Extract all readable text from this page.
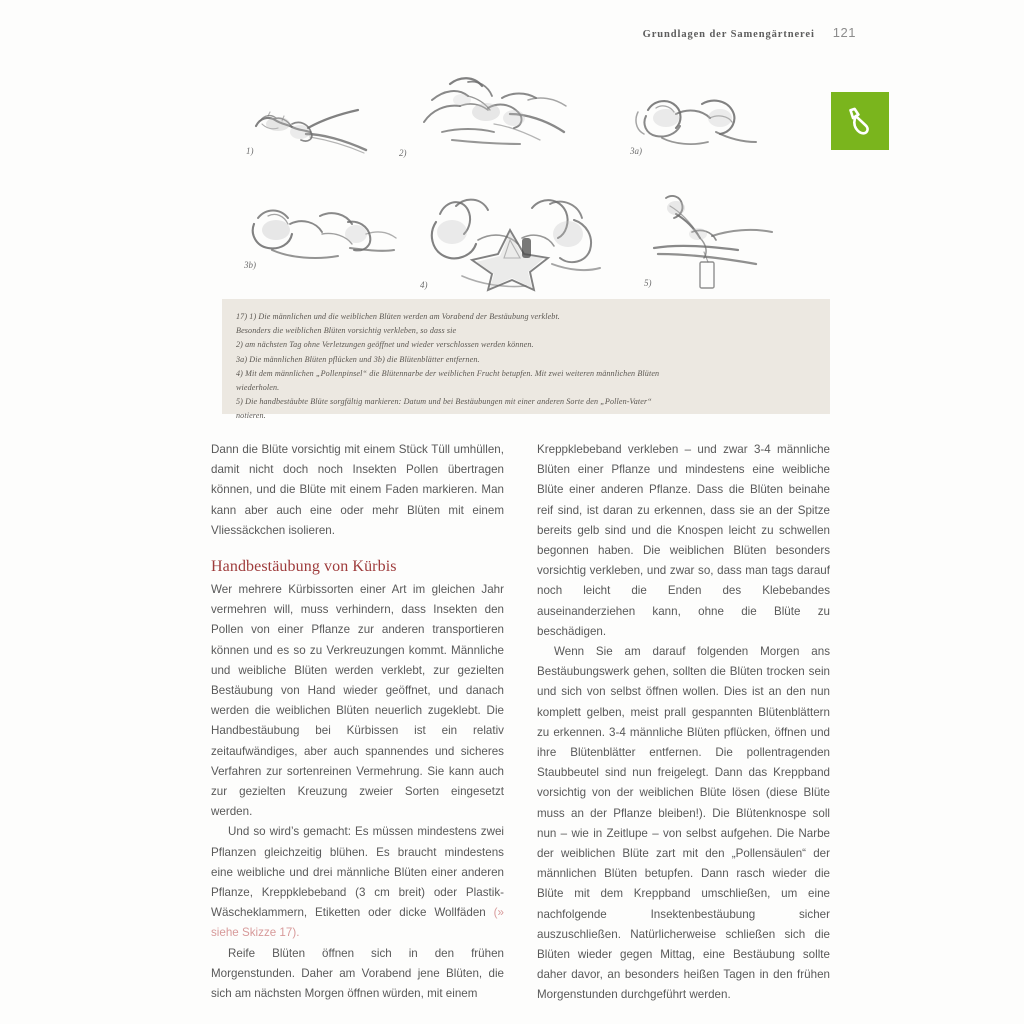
Grundlagen der Samengärtnerei 121
1)	2)	3a)
3b)
4)	5)
17) 1) Die männlichen und die weiblichen Blüten werden am Vorabend der Bestäubung verklebt.
Besonders die weiblichen Blüten vorsichtig verkleben, so dass sie
2) am nächsten Tag ohne Verletzungen geöffnet und wieder verschlossen werden können.
3a) Die männlichen Blüten pflücken und 3b) die Blütenblätter entfernen.
4) Mit dem männlichen „Pollenpinsel“ die Blütennarbe der weiblichen Frucht betupfen. Mit zwei weiteren männlichen Blüten
wiederholen.
5) Die handbestäubte Blüte sorgfältig markieren: Datum und bei Bestäubungen mit einer anderen Sorte den „Pollen-Vater“
notieren.

Dann die Blüte vorsichtig mit einem Stück Tüll umhüllen, damit nicht doch noch Insekten Pollen übertragen können, und die Blüte mit einem Faden markieren. Man kann aber auch eine oder mehr Blüten mit einem Vliessäckchen isolieren.

Handbestäubung von Kürbis

Wer mehrere Kürbissorten einer Art im gleichen Jahr vermehren will, muss verhindern, dass Insekten den Pollen von einer Pflanze zur anderen transportieren können und es so zu Verkreuzungen kommt. Männliche und weibliche Blüten werden verklebt, zur gezielten Bestäubung von Hand wieder geöffnet, und danach werden die weiblichen Blüten neuerlich zugeklebt. Die Handbestäubung bei Kürbissen ist ein relativ zeitaufwändiges, aber auch spannendes und sicheres Verfahren zur sortenreinen Vermehrung. Sie kann auch zur gezielten Kreuzung zweier Sorten eingesetzt werden.

Und so wird’s gemacht: Es müssen mindestens zwei Pflanzen gleichzeitig blühen. Es braucht mindestens eine weibliche und drei männliche Blüten einer anderen Pflanze, Kreppklebeband (3 cm breit) oder Plastik-Wäscheklammern, Etiketten oder dicke Wollfäden (» siehe Skizze 17).

Reife Blüten öffnen sich in den frühen Morgenstunden. Daher am Vorabend jene Blüten, die sich am nächsten Morgen öffnen würden, mit einem

Kreppklebeband verkleben – und zwar 3-4 männliche Blüten einer Pflanze und mindestens eine weibliche Blüte einer anderen Pflanze. Dass die Blüten beinahe reif sind, ist daran zu erkennen, dass sie an der Spitze bereits gelb sind und die Knospen leicht zu schwellen begonnen haben. Die weiblichen Blüten besonders vorsichtig verkleben, und zwar so, dass man tags darauf noch leicht die Enden des Klebebandes auseinanderziehen kann, ohne die Blüte zu beschädigen.

Wenn Sie am darauf folgenden Morgen ans Bestäubungswerk gehen, sollten die Blüten trocken sein und sich von selbst öffnen wollen. Dies ist an den nun komplett gelben, meist prall gespannten Blütenblättern zu erkennen. 3-4 männliche Blüten pflücken, öffnen und ihre Blütenblätter entfernen. Die pollentragenden Staubbeutel sind nun freigelegt. Dann das Kreppband vorsichtig von der weiblichen Blüte lösen (diese Blüte muss an der Pflanze bleiben!). Die Blütenknospe soll nun – wie in Zeitlupe – von selbst aufgehen. Die Narbe der weiblichen Blüte zart mit den „Pollensäulen“ der männlichen Blüten betupfen. Dann rasch wieder die Blüte mit dem Kreppband umschließen, um eine nachfolgende Insektenbestäubung sicher auszuschließen. Natürlicherweise schließen sich die Blüten wieder gegen Mittag, eine Bestäubung sollte daher davor, an besonders heißen Tagen in den frühen Morgenstunden durchgeführt werden.
